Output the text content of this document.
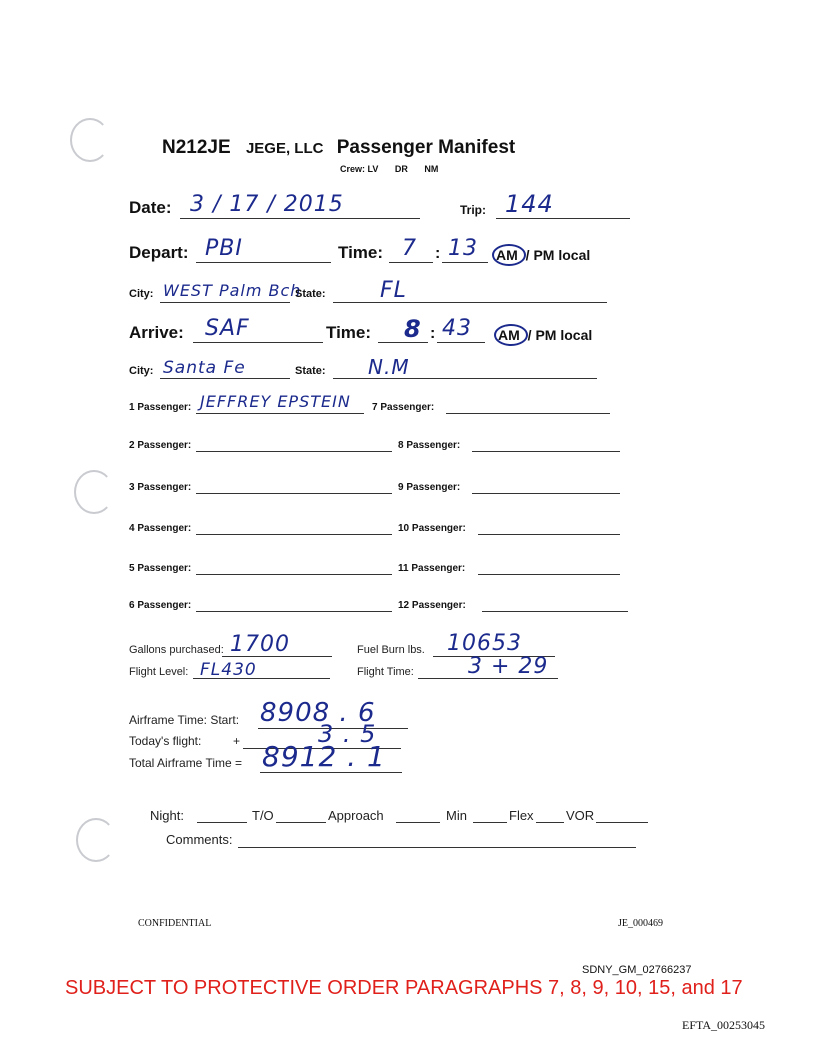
N212JE JEGE, LLC Passenger Manifest
Crew: LV DR NM
Date: 3 / 17 / 2015	Trip: 144
Depart: PBI	Time: 7 : 13 AM / PM local
City: WEST Palm Bch
State: FL
Arrive: SAF	Time: 8 : 43 AM / PM local
City: Santa Fe	State: N.M
1 Passenger: JEFFREY EPSTEIN
2 Passenger:
3 Passenger:
4 Passenger:
5 Passenger:
6 Passenger:
7 Passenger:
8 Passenger:
9 Passenger:
10 Passenger:
11 Passenger:
12 Passenger:
Gallons purchased: 1700	Fuel Burn lbs. 10653
Flight Level: FL430	Flight Time: 3 + 29
Airframe Time: Start: 8908 . 6
Today's flight:	+	3 . 5
Total Airframe Time = 8912 . 1
Night:	T/O	Approach	Min	Flex VOR
Comments:
CONFIDENTIAL	JE_000469
SDNY_GM_02766237
SUBJECT TO PROTECTIVE ORDER PARAGRAPHS 7, 8, 9, 10, 15, and 17
EFTA_00253045
